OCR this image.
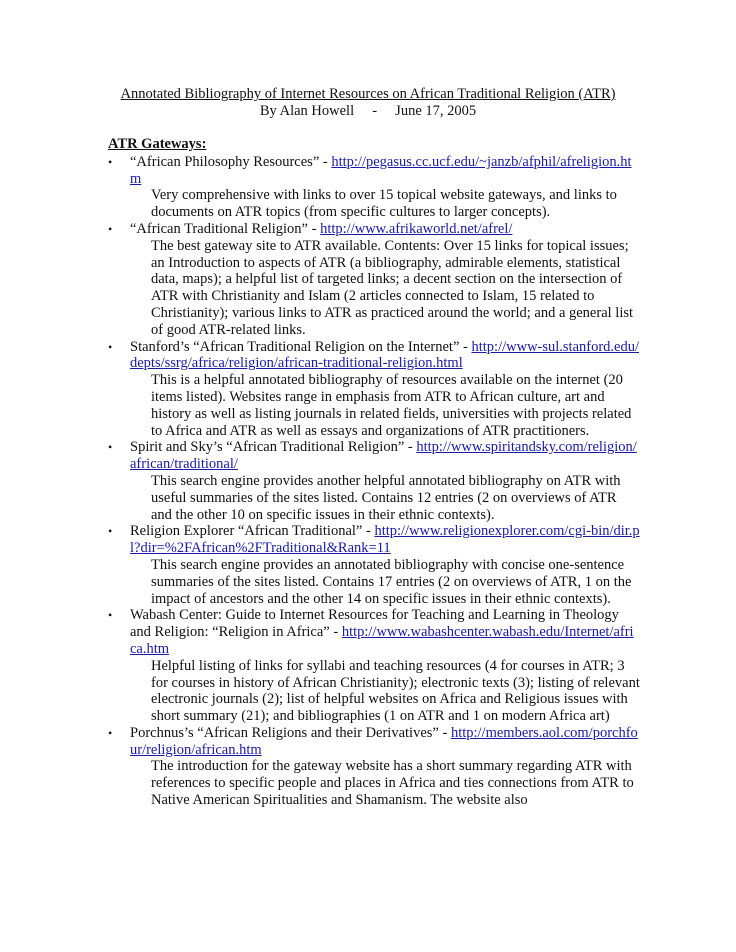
Annotated Bibliography of Internet Resources on African Traditional Religion (ATR)
By Alan Howell     -     June 17, 2005
ATR Gateways:
• “African Philosophy Resources” - http://pegasus.cc.ucf.edu/~janzb/afphil/afreligion.htm
Very comprehensive with links to over 15 topical website gateways, and links to documents on ATR topics (from specific cultures to larger concepts).
• “African Traditional Religion” - http://www.afrikaworld.net/afrel/
The best gateway site to ATR available. Contents: Over 15 links for topical issues; an Introduction to aspects of ATR (a bibliography, admirable elements, statistical data, maps); a helpful list of targeted links; a decent section on the intersection of ATR with Christianity and Islam (2 articles connected to Islam, 15 related to Christianity); various links to ATR as practiced around the world; and a general list of good ATR-related links.
• Stanford’s “African Traditional Religion on the Internet” - http://www-sul.stanford.edu/depts/ssrg/africa/religion/african-traditional-religion.html
This is a helpful annotated bibliography of resources available on the internet (20 items listed). Websites range in emphasis from ATR to African culture, art and history as well as listing journals in related fields, universities with projects related to Africa and ATR as well as essays and organizations of ATR practitioners.
• Spirit and Sky’s “African Traditional Religion” - http://www.spiritandsky.com/religion/african/traditional/
This search engine provides another helpful annotated bibliography on ATR with useful summaries of the sites listed. Contains 12 entries (2 on overviews of ATR and the other 10 on specific issues in their ethnic contexts).
• Religion Explorer “African Traditional” - http://www.religionexplorer.com/cgi-bin/dir.pl?dir=%2FAfrican%2FTraditional&Rank=11
This search engine provides an annotated bibliography with concise one-sentence summaries of the sites listed. Contains 17 entries (2 on overviews of ATR, 1 on the impact of ancestors and the other 14 on specific issues in their ethnic contexts).
• Wabash Center: Guide to Internet Resources for Teaching and Learning in Theology and Religion: “Religion in Africa” - http://www.wabashcenter.wabash.edu/Internet/africa.htm
Helpful listing of links for syllabi and teaching resources (4 for courses in ATR; 3 for courses in history of African Christianity); electronic texts (3); listing of relevant electronic journals (2); list of helpful websites on Africa and Religious issues with short summary (21); and bibliographies (1 on ATR and 1 on modern Africa art)
• Porchnus’s “African Religions and their Derivatives” - http://members.aol.com/porchfour/religion/african.htm
The introduction for the gateway website has a short summary regarding ATR with references to specific people and places in Africa and ties connections from ATR to Native American Spiritualities and Shamanism. The website also
